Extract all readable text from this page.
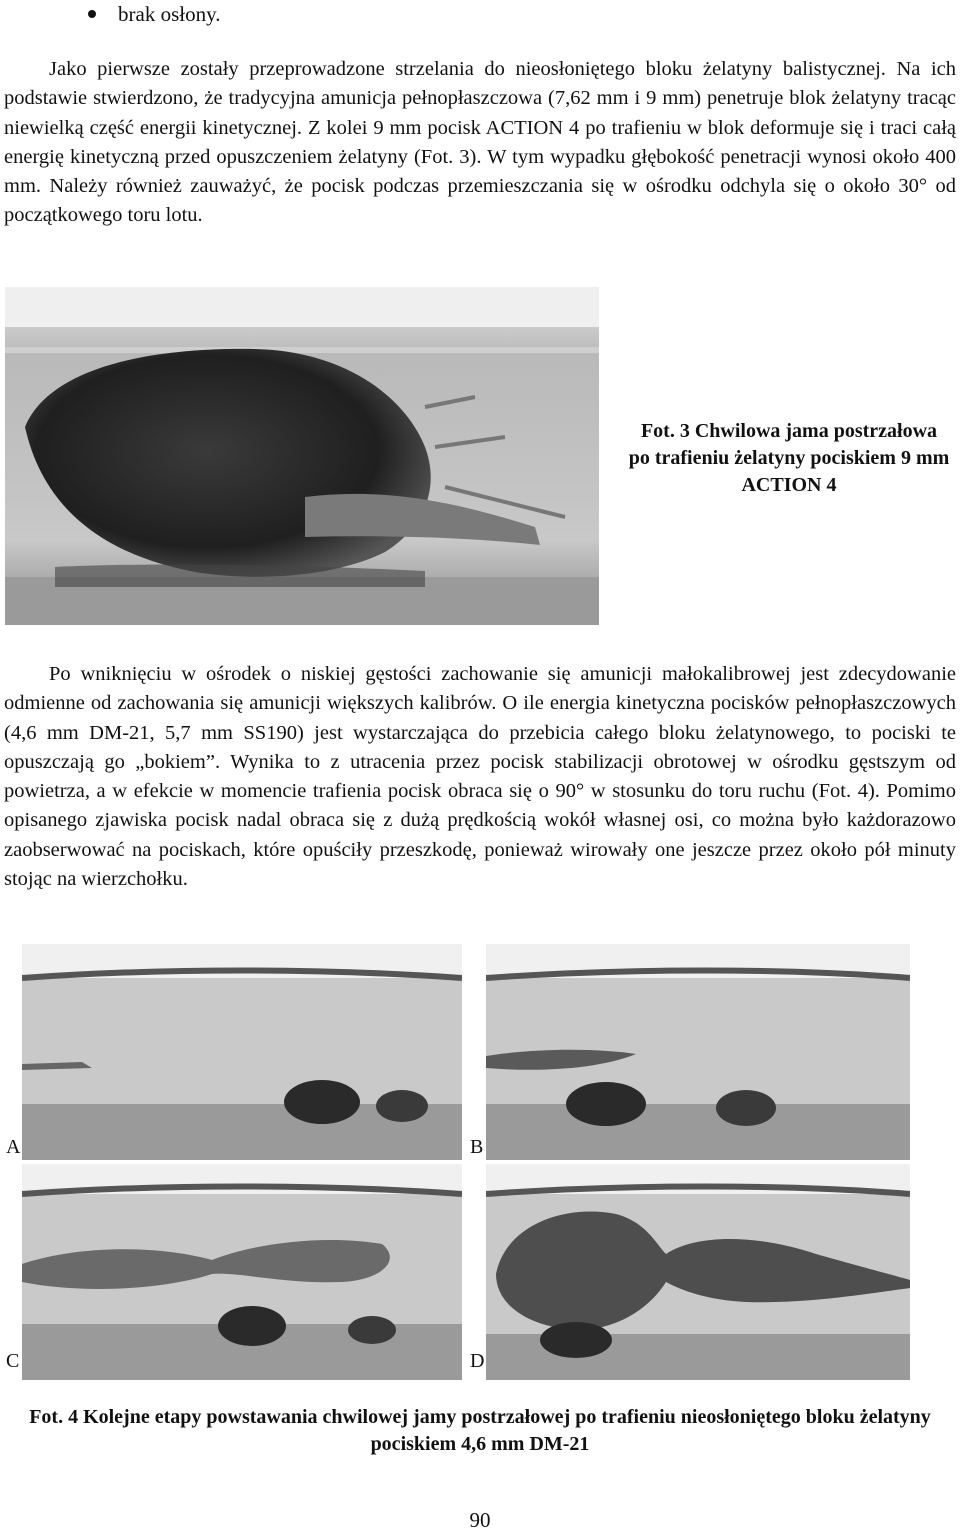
brak osłony.

Jako pierwsze zostały przeprowadzone strzelania do nieosłoniętego bloku żelatyny balistycznej. Na ich podstawie stwierdzono, że tradycyjna amunicja pełnopłaszczowa (7,62 mm i 9 mm) penetruje blok żelatyny tracąc niewielką część energii kinetycznej. Z kolei 9 mm pocisk ACTION 4 po trafieniu w blok deformuje się i traci całą energię kinetyczną przed opuszczeniem żelatyny (Fot. 3). W tym wypadku głębokość penetracji wynosi około 400 mm. Należy również zauważyć, że pocisk podczas przemieszczania się w ośrodku odchyla się o około 30° od początkowego toru lotu.

Fot. 3 Chwilowa jama postrzałowa po trafieniu żelatyny pociskiem 9 mm ACTION 4

Po wniknięciu w ośrodek o niskiej gęstości zachowanie się amunicji małokalibrowej jest zdecydowanie odmienne od zachowania się amunicji większych kalibrów. O ile energia kinetyczna pocisków pełnopłaszczowych (4,6 mm DM-21, 5,7 mm SS190) jest wystarczająca do przebicia całego bloku żelatynowego, to pociski te opuszczają go „bokiem”. Wynika to z utracenia przez pocisk stabilizacji obrotowej w ośrodku gęstszym od powietrza, a w efekcie w momencie trafienia pocisk obraca się o 90° w stosunku do toru ruchu (Fot. 4). Pomimo opisanego zjawiska pocisk nadal obraca się z dużą prędkością wokół własnej osi, co można było każdorazowo zaobserwować na pociskach, które opuściły przeszkodę, ponieważ wirowały one jeszcze przez około pół minuty stojąc na wierzchołku.

A	B
C	D

Fot. 4 Kolejne etapy powstawania chwilowej jamy postrzałowej po trafieniu nieosłoniętego bloku żelatyny pociskiem 4,6 mm DM-21

90
